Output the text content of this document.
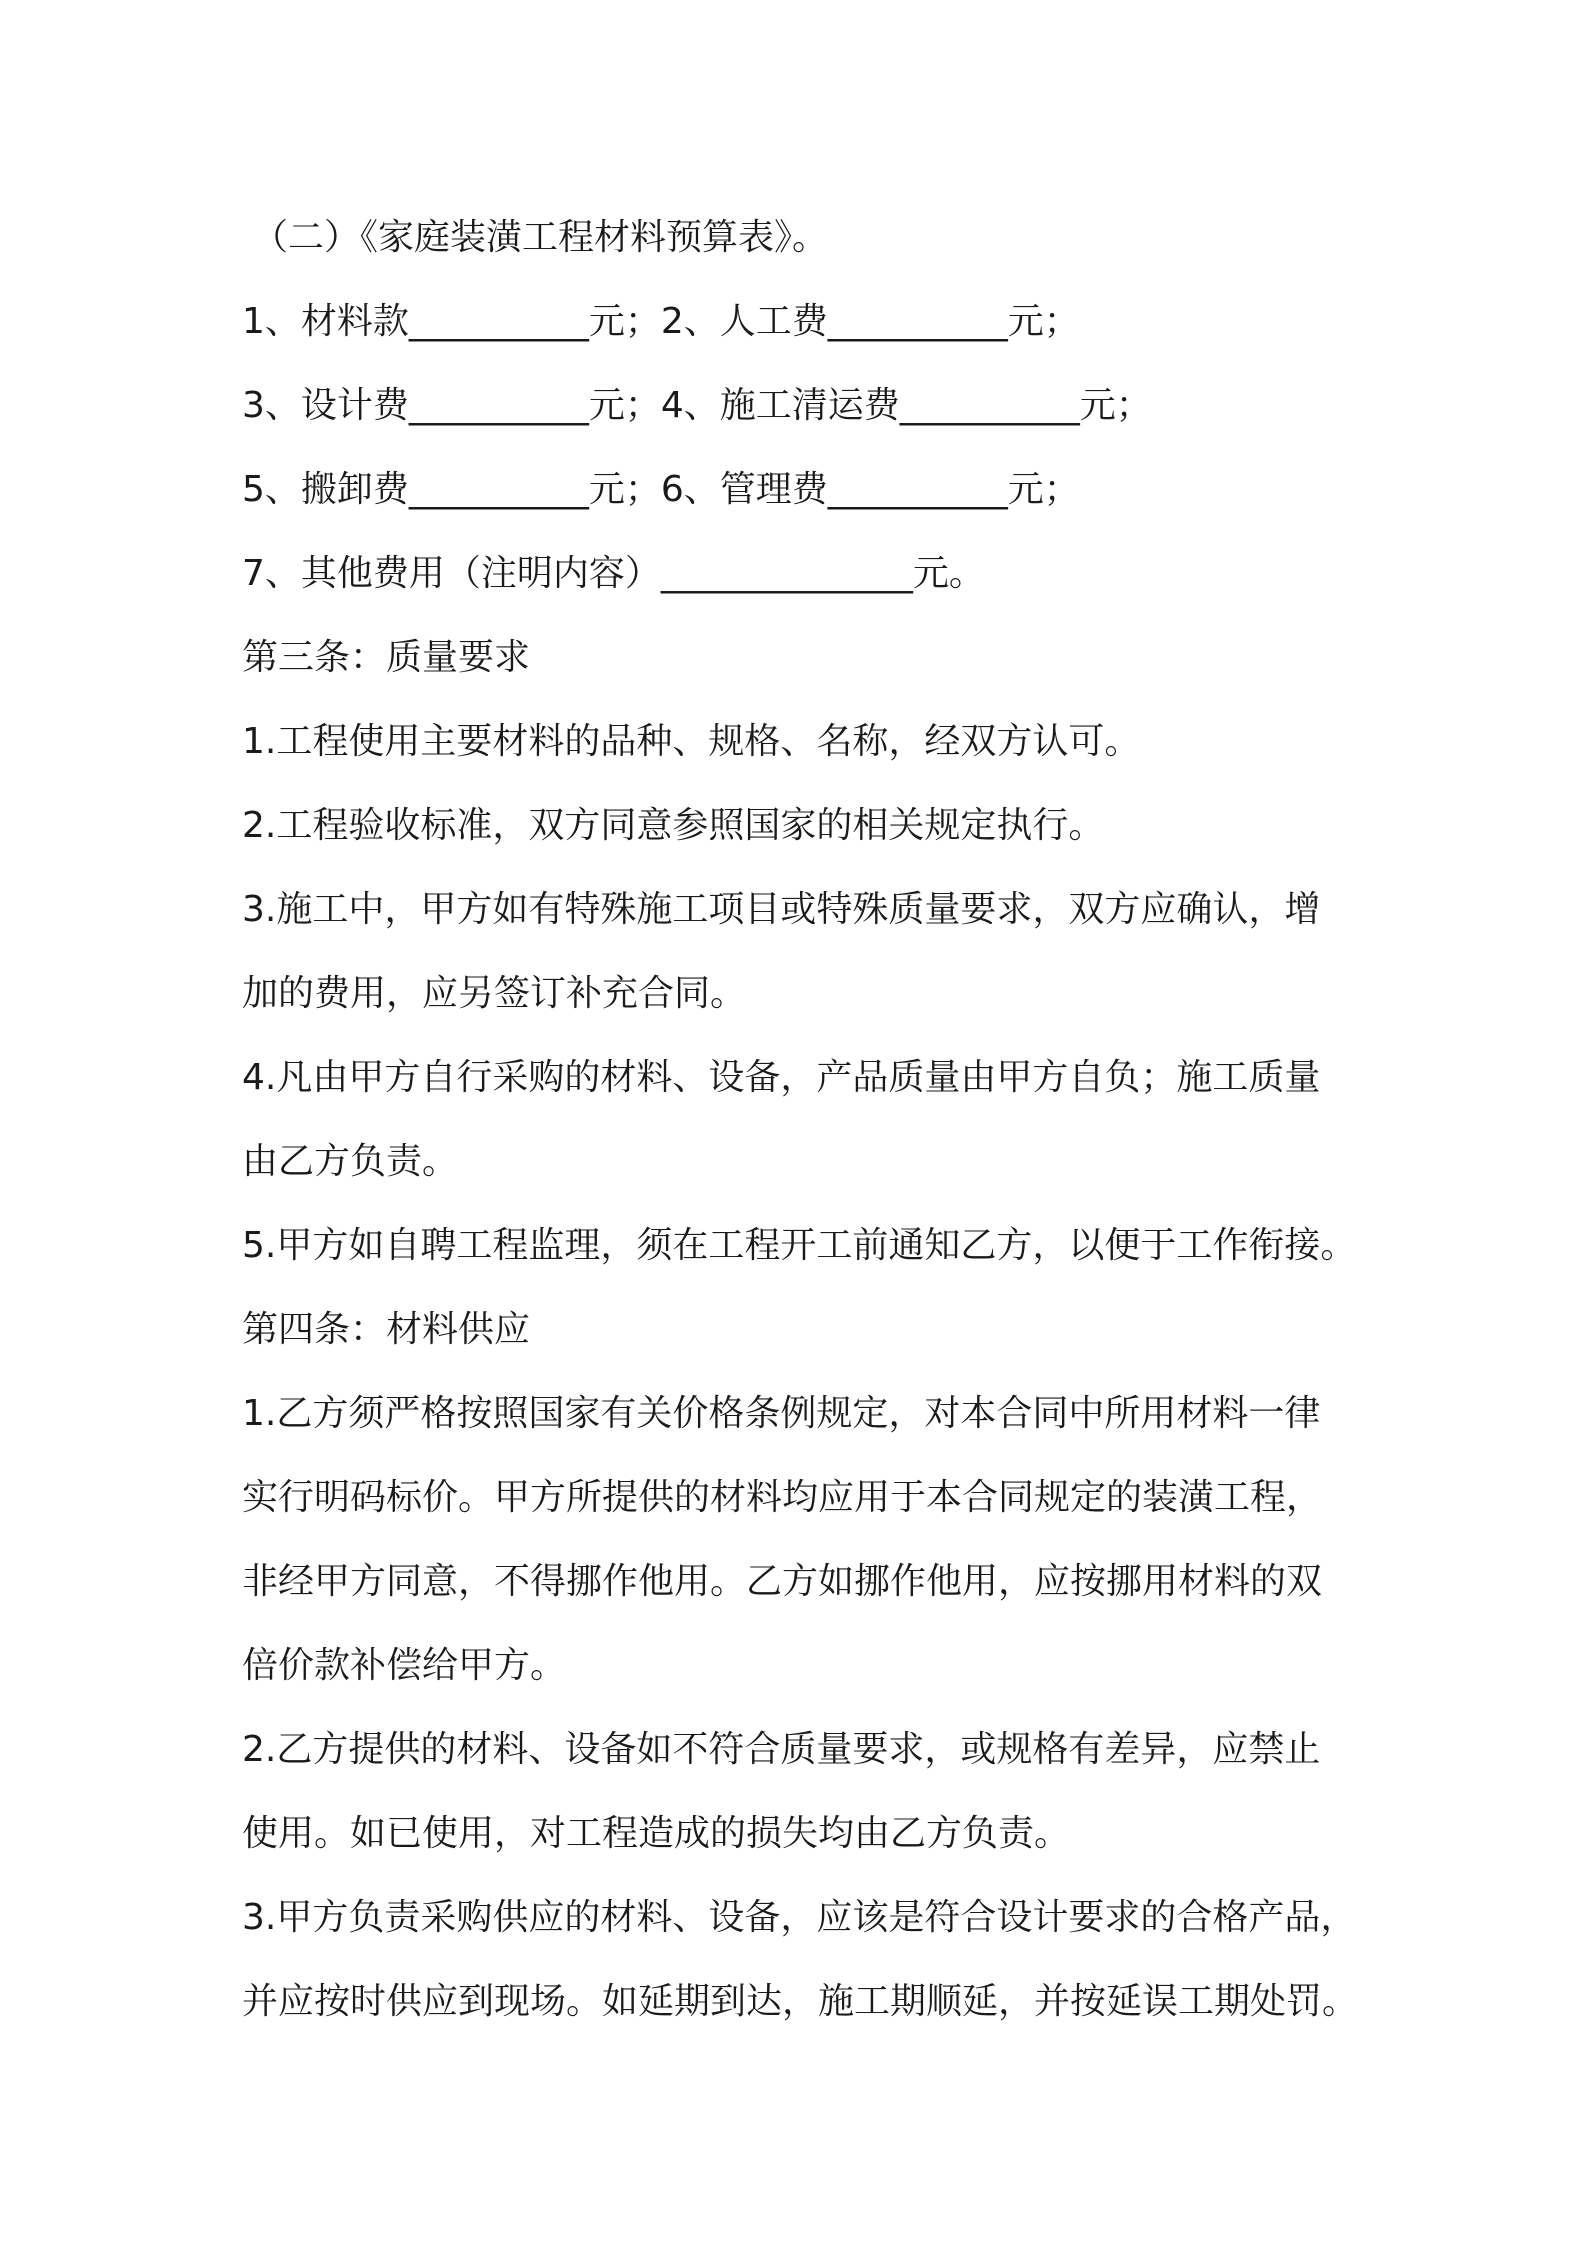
（二）《家庭装潢工程材料预算表》。
1、材料款__________元；2、人工费__________元；
3、设计费__________元；4、施工清运费__________元；
5、搬卸费__________元；6、管理费__________元；
7、其他费用（注明内容）______________元。
第三条：质量要求
1.工程使用主要材料的品种、规格、名称，经双方认可。
2.工程验收标准，双方同意参照国家的相关规定执行。
3.施工中，甲方如有特殊施工项目或特殊质量要求，双方应确认，增
加的费用，应另签订补充合同。
4.凡由甲方自行采购的材料、设备，产品质量由甲方自负；施工质量
由乙方负责。
5.甲方如自聘工程监理，须在工程开工前通知乙方，以便于工作衔接。
第四条：材料供应
1.乙方须严格按照国家有关价格条例规定，对本合同中所用材料一律
实行明码标价。甲方所提供的材料均应用于本合同规定的装潢工程，
非经甲方同意，不得挪作他用。乙方如挪作他用，应按挪用材料的双
倍价款补偿给甲方。
2.乙方提供的材料、设备如不符合质量要求，或规格有差异，应禁止
使用。如已使用，对工程造成的损失均由乙方负责。
3.甲方负责采购供应的材料、设备，应该是符合设计要求的合格产品，
并应按时供应到现场。如延期到达，施工期顺延，并按延误工期处罚。
